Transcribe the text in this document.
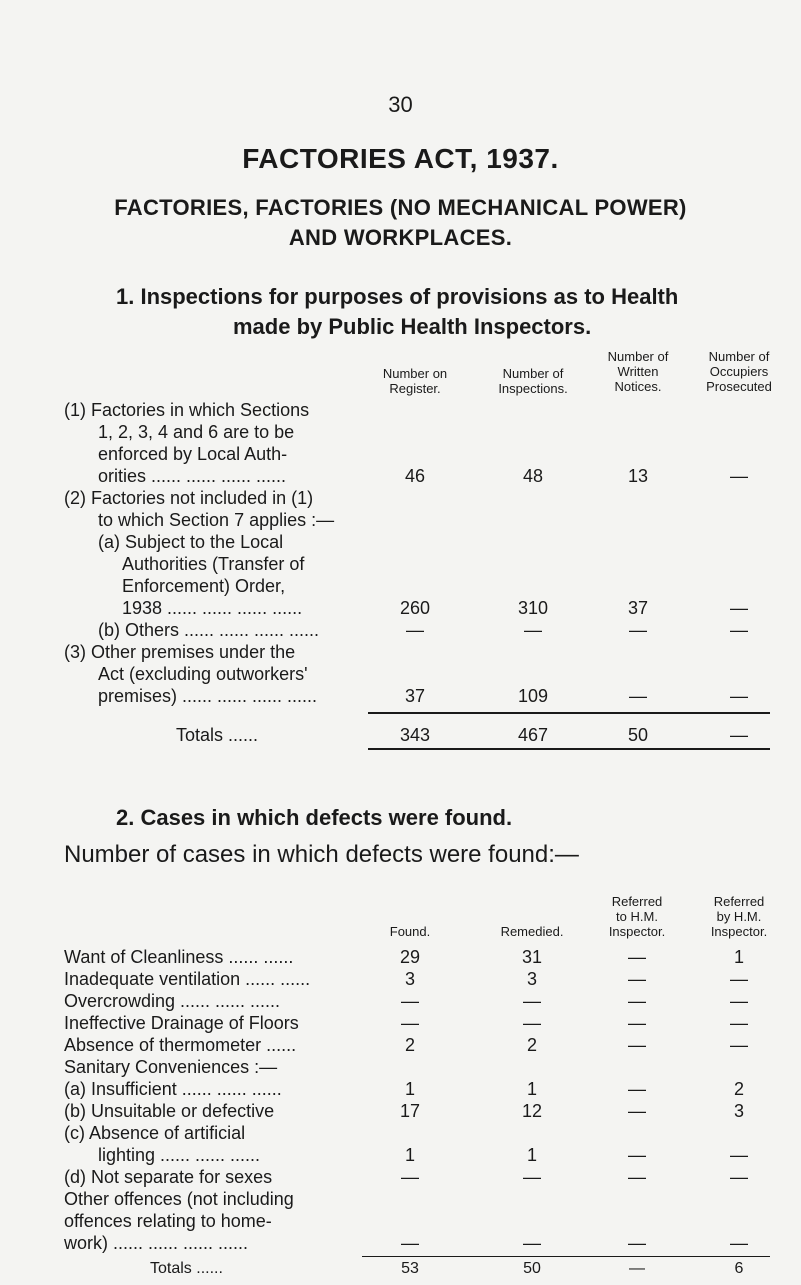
30
FACTORIES ACT, 1937.
FACTORIES, FACTORIES (NO MECHANICAL POWER)
AND WORKPLACES.
1. Inspections for purposes of provisions as to Health
made by Public Health Inspectors.
Number on
Register.
Number of
Inspections.
Number of
Written
Notices.
Number of
Occupiers
Prosecuted
(1) Factories in which Sections
1, 2, 3, 4 and 6 are to be
enforced by Local Auth-
orities ...... ...... ...... ......	46	48	13	—
(2) Factories not included in (1)
to which Section 7 applies :—
(a) Subject to the Local
Authorities (Transfer of
Enforcement) Order,
1938 ...... ...... ...... ......	260	310	37	—
(b) Others ...... ...... ...... ......	—	—	—	—
(3) Other premises under the
Act (excluding outworkers'
premises) ...... ...... ...... ......	37	109	—	—
Totals ......	343	467	50	—
2. Cases in which defects were found.
Number of cases in which defects were found:—
Found.	Remedied.
Referred
to H.M.
Inspector.
Referred
by H.M.
Inspector.
Want of Cleanliness ...... ......	29	31	—	1
Inadequate ventilation ...... ......	3	3	—	—
Overcrowding ...... ...... ......	—	—	—	—
Ineffective Drainage of Floors	—	—	—	—
Absence of thermometer ......	2	2	—	—
Sanitary Conveniences :—
(a) Insufficient ...... ...... ......	1	1	—	2
(b) Unsuitable or defective	17	12	—	3
(c) Absence of artificial
lighting ...... ...... ......	1	1	—	—
(d) Not separate for sexes	—	—	—	—
Other offences (not including
offences relating to home-
work) ...... ...... ...... ......	—	—	—	—
Totals ......	53	50	—	6
